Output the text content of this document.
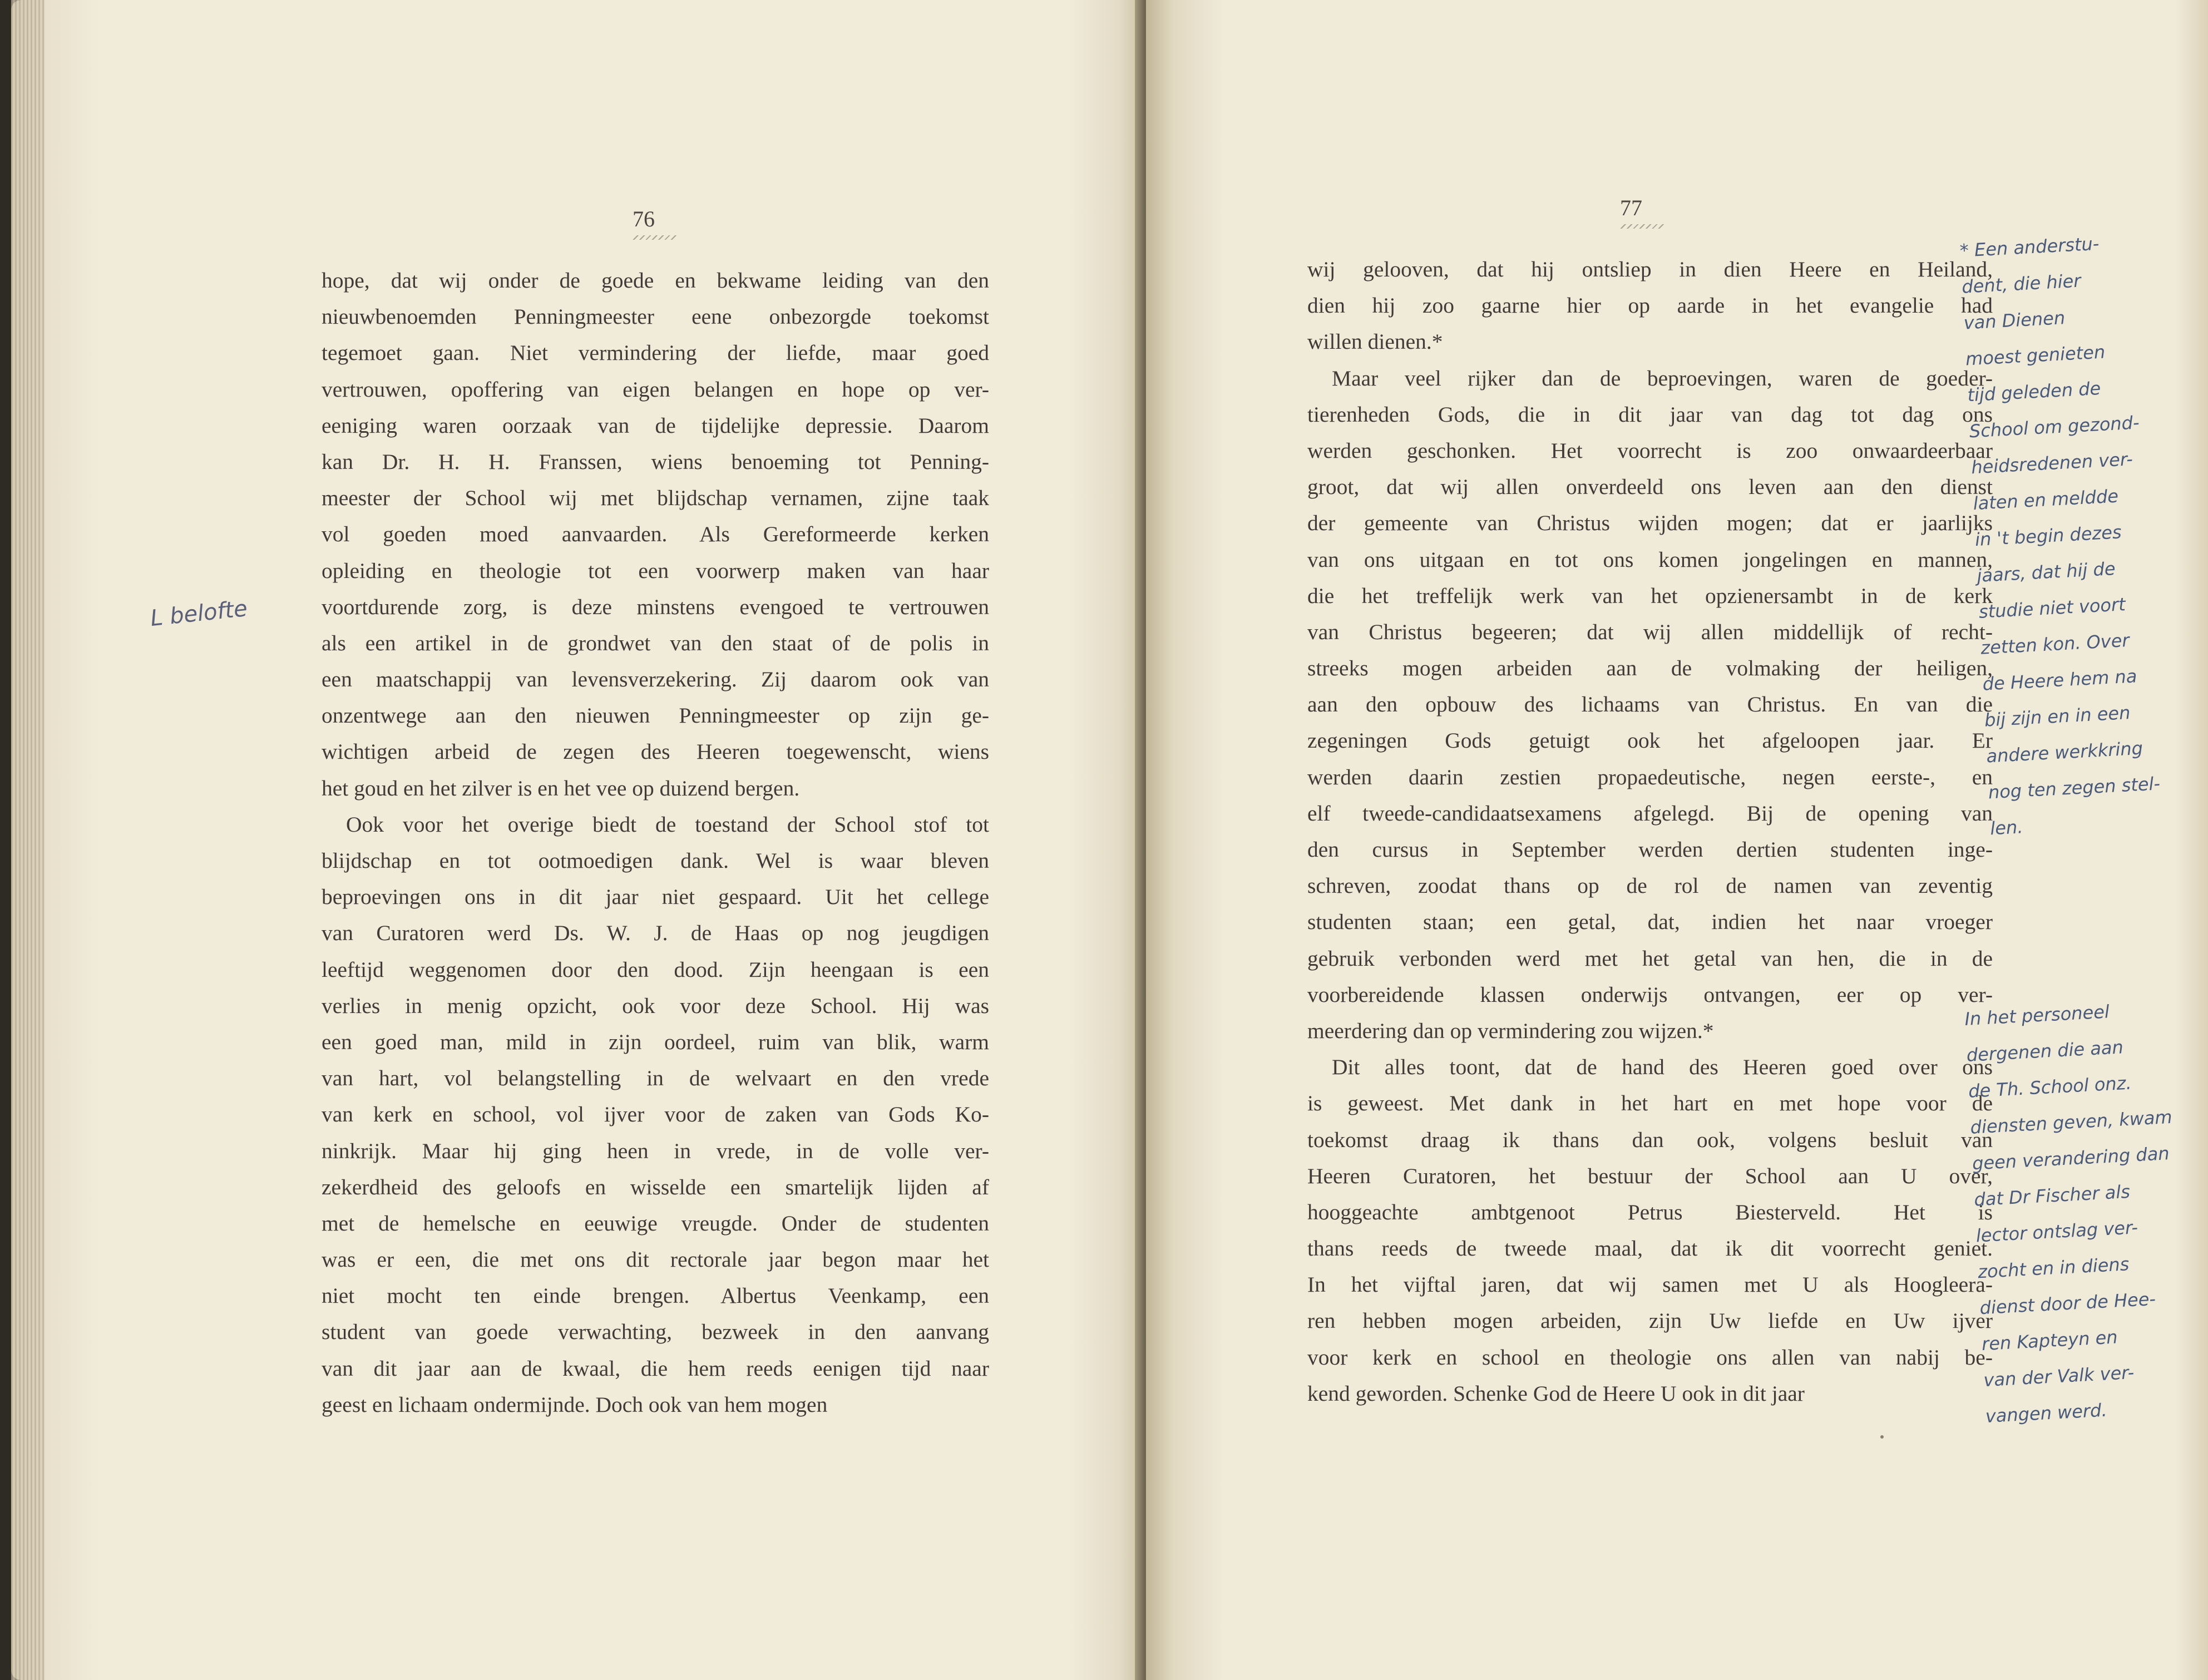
76
L belofte
hope, dat wij onder de goede en bekwame leiding van den
nieuwbenoemden Penningmeester eene onbezorgde toekomst
tegemoet gaan. Niet vermindering der liefde, maar goed
vertrouwen, opoffering van eigen belangen en hope op ver-
eeniging waren oorzaak van de tijdelijke depressie. Daarom
kan Dr. H. H. Franssen, wiens benoeming tot Penning-
meester der School wij met blijdschap vernamen, zijne taak
vol goeden moed aanvaarden. Als Gereformeerde kerken
opleiding en theologie tot een voorwerp maken van haar
voortdurende zorg, is deze minstens evengoed te vertrouwen
als een artikel in de grondwet van den staat of de polis in
een maatschappij van levensverzekering. Zij daarom ook van
onzentwege aan den nieuwen Penningmeester op zijn ge-
wichtigen arbeid de zegen des Heeren toegewenscht, wiens
het goud en het zilver is en het vee op duizend bergen.
Ook voor het overige biedt de toestand der School stof tot
blijdschap en tot ootmoedigen dank. Wel is waar bleven
beproevingen ons in dit jaar niet gespaard. Uit het cellege
van Curatoren werd Ds. W. J. de Haas op nog jeugdigen
leeftijd weggenomen door den dood. Zijn heengaan is een
verlies in menig opzicht, ook voor deze School. Hij was
een goed man, mild in zijn oordeel, ruim van blik, warm
van hart, vol belangstelling in de welvaart en den vrede
van kerk en school, vol ijver voor de zaken van Gods Ko-
ninkrijk. Maar hij ging heen in vrede, in de volle ver-
zekerdheid des geloofs en wisselde een smartelijk lijden af
met de hemelsche en eeuwige vreugde. Onder de studenten
was er een, die met ons dit rectorale jaar begon maar het
niet mocht ten einde brengen. Albertus Veenkamp, een
student van goede verwachting, bezweek in den aanvang
van dit jaar aan de kwaal, die hem reeds eenigen tijd naar
geest en lichaam ondermijnde. Doch ook van hem mogen
77
wij gelooven, dat hij ontsliep in dien Heere en Heiland,
dien hij zoo gaarne hier op aarde in het evangelie had
willen dienen.*
Maar veel rijker dan de beproevingen, waren de goeder-
tierenheden Gods, die in dit jaar van dag tot dag ons
werden geschonken. Het voorrecht is zoo onwaardeerbaar
groot, dat wij allen onverdeeld ons leven aan den dienst
der gemeente van Christus wijden mogen; dat er jaarlijks
van ons uitgaan en tot ons komen jongelingen en mannen,
die het treffelijk werk van het opzienersambt in de kerk
van Christus begeeren; dat wij allen middellijk of recht-
streeks mogen arbeiden aan de volmaking der heiligen,
aan den opbouw des lichaams van Christus. En van die
zegeningen Gods getuigt ook het afgeloopen jaar. Er
werden daarin zestien propaedeutische, negen eerste-, en
elf tweede-candidaatsexamens afgelegd. Bij de opening van
den cursus in September werden dertien studenten inge-
schreven, zoodat thans op de rol de namen van zeventig
studenten staan; een getal, dat, indien het naar vroeger
gebruik verbonden werd met het getal van hen, die in de
voorbereidende klassen onderwijs ontvangen, eer op ver-
meerdering dan op vermindering zou wijzen.*
Dit alles toont, dat de hand des Heeren goed over ons
is geweest. Met dank in het hart en met hope voor de
toekomst draag ik thans dan ook, volgens besluit van
Heeren Curatoren, het bestuur der School aan U over,
hooggeachte ambtgenoot Petrus Biesterveld. Het is
thans reeds de tweede maal, dat ik dit voorrecht geniet.
In het vijftal jaren, dat wij samen met U als Hoogleera-
ren hebben mogen arbeiden, zijn Uw liefde en Uw ijver
voor kerk en school en theologie ons allen van nabij be-
kend geworden. Schenke God de Heere U ook in dit jaar
* Een anderstu-
dent, die hier
van Dienen
moest genieten
tijd geleden de
School om gezond-
heidsredenen ver-
laten en meldde
in 't begin dezes
jaars, dat hij de
studie niet voort
zetten kon. Over
de Heere hem na
bij zijn en in een
andere werkkring
nog ten zegen stel-
len.
In het personeel
dergenen die aan
de Th. School onz.
diensten geven, kwam
geen verandering dan
dat Dr Fischer als
lector ontslag ver-
zocht en in diens
dienst door de Hee-
ren Kapteyn en
van der Valk ver-
vangen werd.
